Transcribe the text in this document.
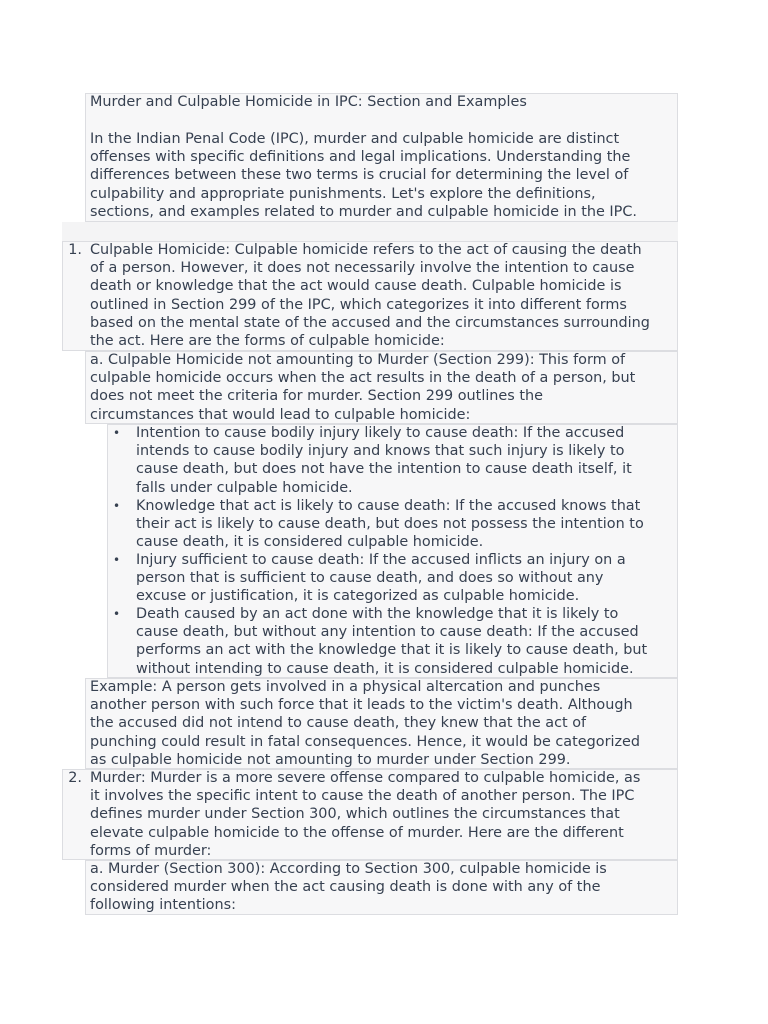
Murder and Culpable Homicide in IPC: Section and Examples
In the Indian Penal Code (IPC), murder and culpable homicide are distinct
offenses with specific definitions and legal implications. Understanding the
differences between these two terms is crucial for determining the level of
culpability and appropriate punishments. Let's explore the definitions,
sections, and examples related to murder and culpable homicide in the IPC.
1. Culpable Homicide: Culpable homicide refers to the act of causing the death
of a person. However, it does not necessarily involve the intention to cause
death or knowledge that the act would cause death. Culpable homicide is
outlined in Section 299 of the IPC, which categorizes it into different forms
based on the mental state of the accused and the circumstances surrounding
the act. Here are the forms of culpable homicide:
a. Culpable Homicide not amounting to Murder (Section 299): This form of
culpable homicide occurs when the act results in the death of a person, but
does not meet the criteria for murder. Section 299 outlines the
circumstances that would lead to culpable homicide:
• Intention to cause bodily injury likely to cause death: If the accused
intends to cause bodily injury and knows that such injury is likely to
cause death, but does not have the intention to cause death itself, it
falls under culpable homicide.
• Knowledge that act is likely to cause death: If the accused knows that
their act is likely to cause death, but does not possess the intention to
cause death, it is considered culpable homicide.
• Injury sufficient to cause death: If the accused inflicts an injury on a
person that is sufficient to cause death, and does so without any
excuse or justification, it is categorized as culpable homicide.
• Death caused by an act done with the knowledge that it is likely to
cause death, but without any intention to cause death: If the accused
performs an act with the knowledge that it is likely to cause death, but
without intending to cause death, it is considered culpable homicide.
Example: A person gets involved in a physical altercation and punches
another person with such force that it leads to the victim's death. Although
the accused did not intend to cause death, they knew that the act of
punching could result in fatal consequences. Hence, it would be categorized
as culpable homicide not amounting to murder under Section 299.
2. Murder: Murder is a more severe offense compared to culpable homicide, as
it involves the specific intent to cause the death of another person. The IPC
defines murder under Section 300, which outlines the circumstances that
elevate culpable homicide to the offense of murder. Here are the different
forms of murder:
a. Murder (Section 300): According to Section 300, culpable homicide is
considered murder when the act causing death is done with any of the
following intentions:
